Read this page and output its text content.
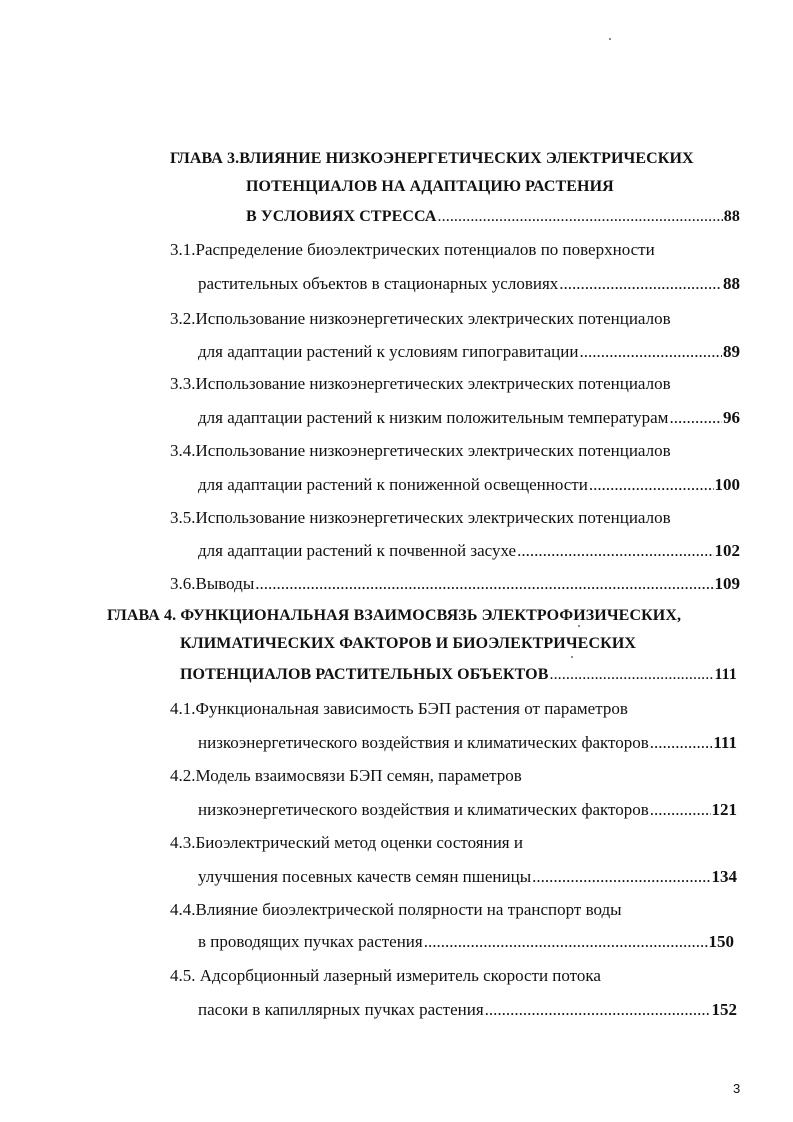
ГЛАВА 3.ВЛИЯНИЕ НИЗКОЭНЕРГЕТИЧЕСКИХ ЭЛЕКТРИЧЕСКИХ
ПОТЕНЦИАЛОВ НА АДАПТАЦИЮ РАСТЕНИЯ
В УСЛОВИЯХ СТРЕССА .....	88
3.1.Распределение биоэлектрических потенциалов по поверхности
растительных объектов в стационарных условиях .....	88
3.2.Использование низкоэнергетических электрических потенциалов
для адаптации растений к условиям гипогравитации .....	89
3.3.Использование низкоэнергетических электрических потенциалов
для адаптации растений к низким положительным температурам .....	96
3.4.Использование низкоэнергетических электрических потенциалов
для адаптации растений к пониженной освещенности .....	100
3.5.Использование низкоэнергетических электрических потенциалов
для адаптации растений к почвенной засухе .....	102
3.6.Выводы .....	109
ГЛАВА 4. ФУНКЦИОНАЛЬНАЯ ВЗАИМОСВЯЗЬ ЭЛЕКТРОФИЗИЧЕСКИХ,
КЛИМАТИЧЕСКИХ ФАКТОРОВ И БИОЭЛЕКТРИЧЕСКИХ
ПОТЕНЦИАЛОВ РАСТИТЕЛЬНЫХ ОБЪЕКТОВ .....	111
4.1.Функциональная зависимость БЭП растения от параметров
низкоэнергетического воздействия и климатических факторов .....	111
4.2.Модель взаимосвязи БЭП семян, параметров
низкоэнергетического воздействия и климатических факторов .....	121
4.3.Биоэлектрический метод оценки состояния и
улучшения посевных качеств семян пшеницы .....	134
4.4.Влияние биоэлектрической полярности на транспорт воды
в проводящих пучках растения .....	150
4.5. Адсорбционный лазерный измеритель скорости потока
пасоки в капиллярных пучках растения .....	152
3
